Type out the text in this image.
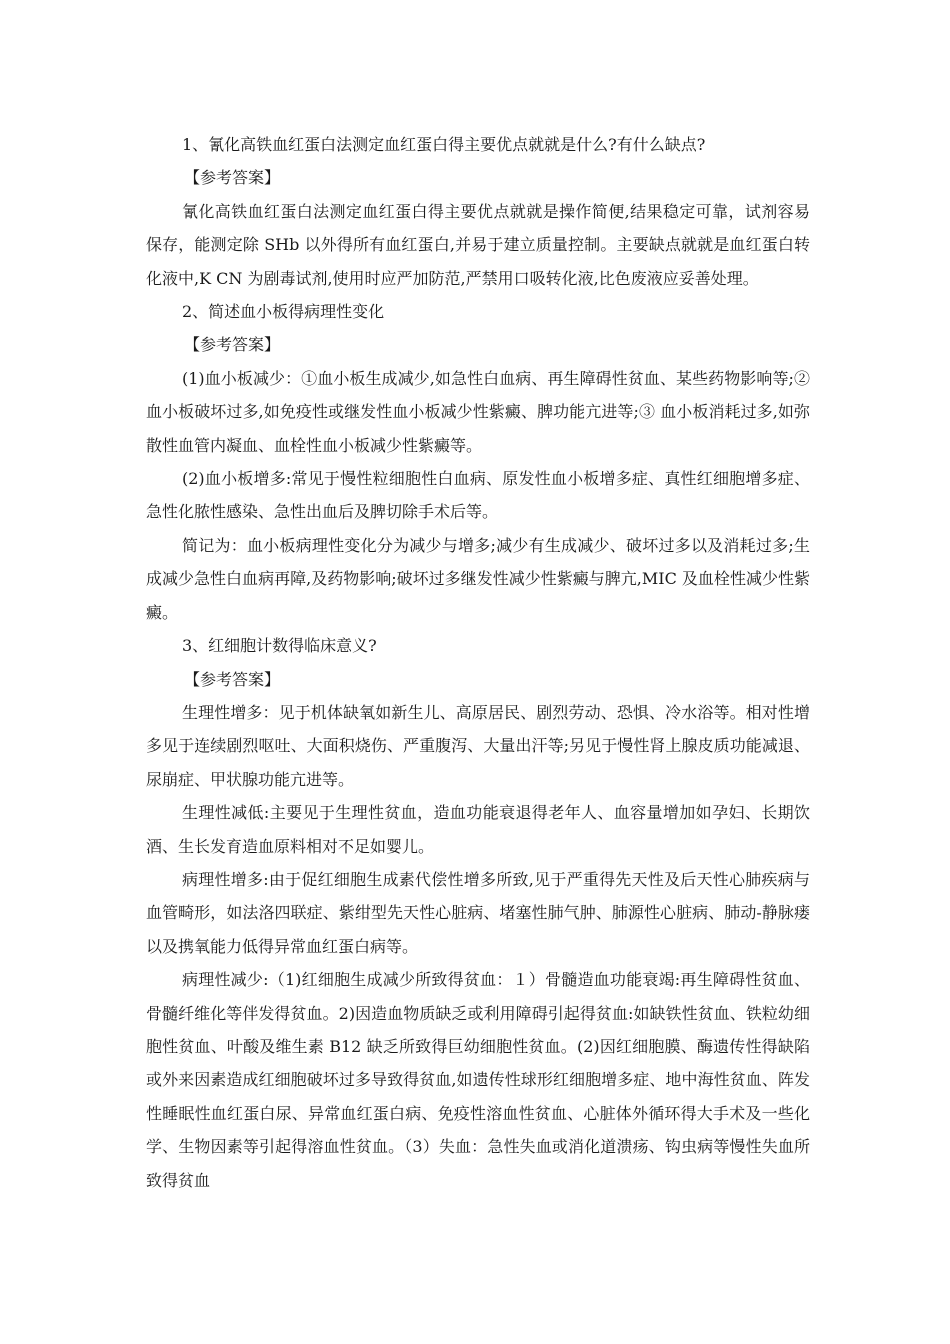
1、氰化高铁血红蛋白法测定血红蛋白得主要优点就就是什么?有什么缺点?

【参考答案】

氰化高铁血红蛋白法测定血红蛋白得主要优点就就是操作简便,结果稳定可靠，试剂容易保存，能测定除 SHb 以外得所有血红蛋白,并易于建立质量控制。主要缺点就就是血红蛋白转化液中,K CN 为剧毒试剂,使用时应严加防范,严禁用口吸转化液,比色废液应妥善处理。

2、简述血小板得病理性变化

【参考答案】

(1)血小板减少：①血小板生成减少,如急性白血病、再生障碍性贫血、某些药物影响等;② 血小板破坏过多,如免疫性或继发性血小板减少性紫癜、脾功能亢进等;③ 血小板消耗过多,如弥散性血管内凝血、血栓性血小板减少性紫癜等。

(2)血小板增多:常见于慢性粒细胞性白血病、原发性血小板增多症、真性红细胞增多症、急性化脓性感染、急性出血后及脾切除手术后等。

简记为：血小板病理性变化分为减少与增多;减少有生成减少、破坏过多以及消耗过多;生成减少急性白血病再障,及药物影响;破坏过多继发性减少性紫癜与脾亢,MIC 及血栓性减少性紫癜。

3、红细胞计数得临床意义?

【参考答案】

生理性增多：见于机体缺氧如新生儿、高原居民、剧烈劳动、恐惧、冷水浴等。相对性增多见于连续剧烈呕吐、大面积烧伤、严重腹泻、大量出汗等;另见于慢性肾上腺皮质功能减退、尿崩症、甲状腺功能亢进等。

生理性减低:主要见于生理性贫血，造血功能衰退得老年人、血容量增加如孕妇、长期饮酒、生长发育造血原料相对不足如婴儿。

病理性增多:由于促红细胞生成素代偿性增多所致,见于严重得先天性及后天性心肺疾病与血管畸形，如法洛四联症、紫绀型先天性心脏病、堵塞性肺气肿、肺源性心脏病、肺动-静脉瘘以及携氧能力低得异常血红蛋白病等。

病理性减少:（1)红细胞生成减少所致得贫血：１）骨髓造血功能衰竭:再生障碍性贫血、骨髓纤维化等伴发得贫血。2)因造血物质缺乏或利用障碍引起得贫血:如缺铁性贫血、铁粒幼细胞性贫血、叶酸及维生素 B12 缺乏所致得巨幼细胞性贫血。(2)因红细胞膜、酶遗传性得缺陷或外来因素造成红细胞破坏过多导致得贫血,如遗传性球形红细胞增多症、地中海性贫血、阵发性睡眠性血红蛋白尿、异常血红蛋白病、免疫性溶血性贫血、心脏体外循环得大手术及一些化学、生物因素等引起得溶血性贫血。（3）失血：急性失血或消化道溃疡、钩虫病等慢性失血所致得贫血
